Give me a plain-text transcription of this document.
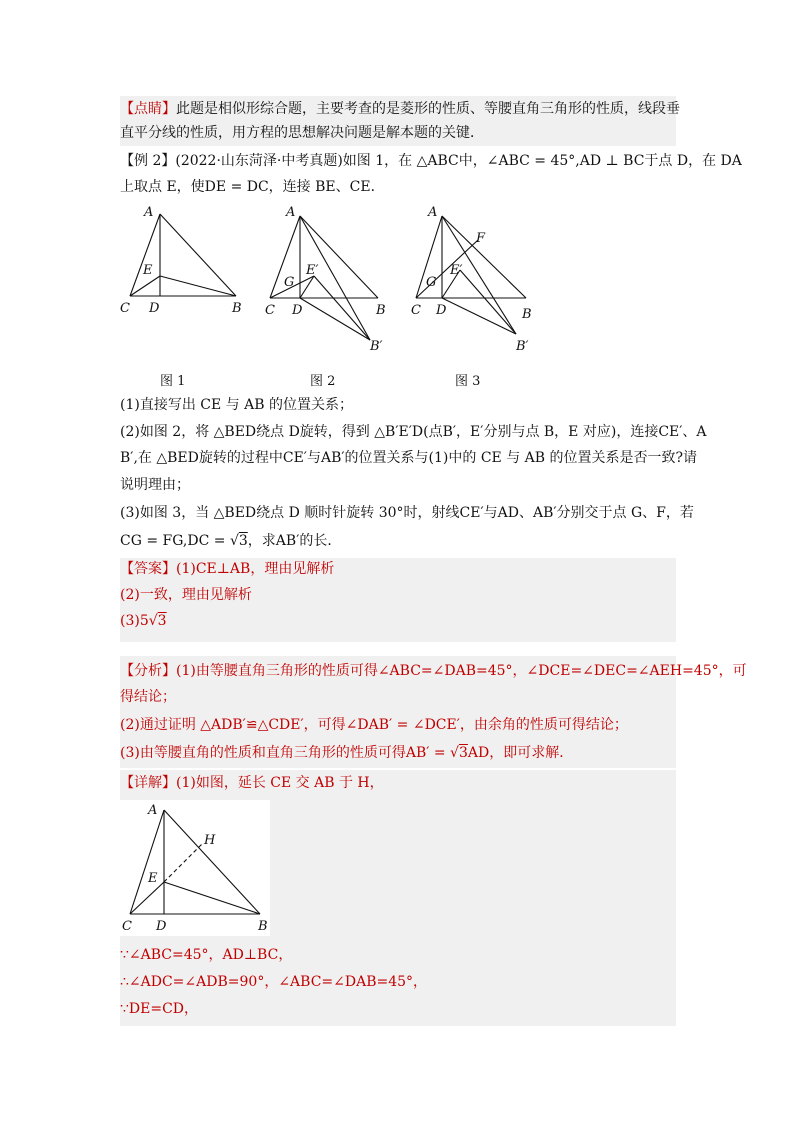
【点睛】此题是相似形综合题，主要考查的是菱形的性质、等腰直角三角形的性质，线段垂
直平分线的性质，用方程的思想解决问题是解本题的关键．
【例 2】(2022·山东菏泽·中考真题)如图 1，在 △ABC中，∠ABC = 45°,AD ⊥ BC于点 D，在 DA
上取点 E，使DE = DC，连接 BE、CE．
A
E
C D	B
A
G
E′
C D	B
B′
A
G
E′
F
C D	B
B′
图 1	图 2	图 3
(1)直接写出 CE 与 AB 的位置关系；
(2)如图 2，将 △BED绕点 D旋转，得到 △B′E′D(点B′，E′分别与点 B，E 对应)，连接CE′、A
B′,在 △BED旋转的过程中CE′与AB′的位置关系与(1)中的 CE 与 AB 的位置关系是否一致?请
说明理由；
(3)如图 3，当 △BED绕点 D 顺时针旋转 30°时，射线CE′与AD、AB′分别交于点 G、F，若
CG = FG,DC = √3，求AB′的长．
【答案】(1)CE⊥AB，理由见解析
(2)一致，理由见解析
(3)5√3
【分析】(1)由等腰直角三角形的性质可得∠ABC=∠DAB=45°，∠DCE=∠DEC=∠AEH=45°，可
得结论；
(2)通过证明 △ADB′≌△CDE′，可得∠DAB′ = ∠DCE′，由余角的性质可得结论；
(3)由等腰直角的性质和直角三角形的性质可得AB′ = √3AD，即可求解．
【详解】(1)如图，延长 CE 交 AB 于 H，
A
H
E
C D	B
∵∠ABC=45°，AD⊥BC，
∴∠ADC=∠ADB=90°，∠ABC=∠DAB=45°，
∵DE=CD，
